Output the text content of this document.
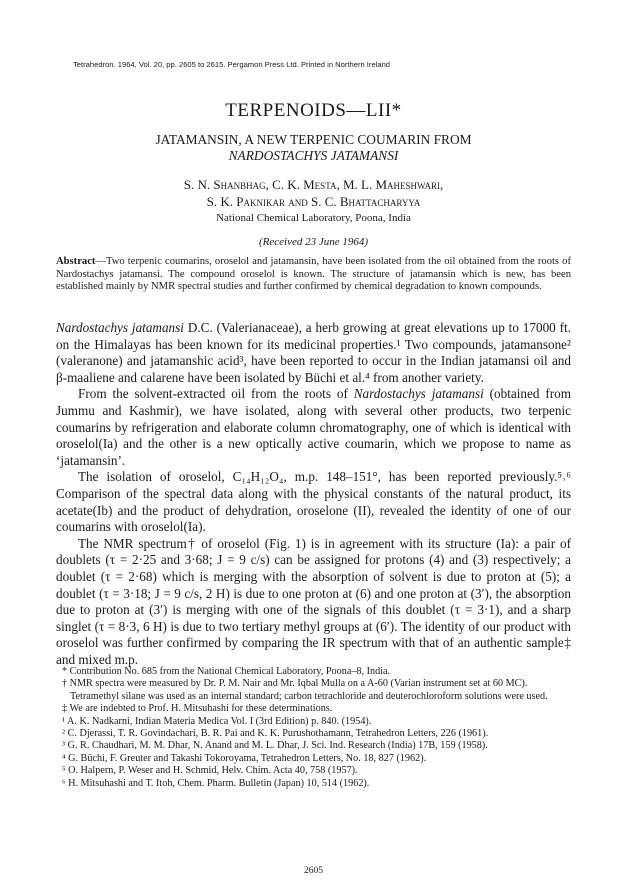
Tetrahedron. 1964, Vol. 20, pp. 2605 to 2615. Pergamon Press Ltd. Printed in Northern Ireland
TERPENOIDS—LII*
JATAMANSIN, A NEW TERPENIC COUMARIN FROM
NARDOSTACHYS JATAMANSI
S. N. Shanbhag, C. K. Mesta, M. L. Maheshwari,
S. K. Paknikar and S. C. Bhattacharyya
National Chemical Laboratory, Poona, India
(Received 23 June 1964)
Abstract—Two terpenic coumarins, oroselol and jatamansin, have been isolated from the oil obtained from the roots of Nardostachys jatamansi. The compound oroselol is known. The structure of jatamansin which is new, has been established mainly by NMR spectral studies and further confirmed by chemical degradation to known compounds.

Nardostachys jatamansi D.C. (Valerianaceae), a herb growing at great elevations up to 17000 ft. on the Himalayas has been known for its medicinal properties.¹ Two compounds, jatamansone² (valeranone) and jatamanshic acid³, have been reported to occur in the Indian jatamansi oil and β-maaliene and calarene have been isolated by Büchi et al.⁴ from another variety.

From the solvent-extracted oil from the roots of Nardostachys jatamansi (obtained from Jummu and Kashmir), we have isolated, along with several other products, two terpenic coumarins by refrigeration and elaborate column chromatography, one of which is identical with oroselol(Ia) and the other is a new optically active coumarin, which we propose to name as ‘jatamansin’.

The isolation of oroselol, C₁₄H₁₂O₄, m.p. 148–151°, has been reported previously.⁵˒⁶ Comparison of the spectral data along with the physical constants of the natural product, its acetate(Ib) and the product of dehydration, oroselone (II), revealed the identity of one of our coumarins with oroselol(Ia).

The NMR spectrum† of oroselol (Fig. 1) is in agreement with its structure (Ia): a pair of doublets (τ = 2·25 and 3·68; J = 9 c/s) can be assigned for protons (4) and (3) respectively; a doublet (τ = 2·68) which is merging with the absorption of solvent is due to proton at (5); a doublet (τ = 3·18; J = 9 c/s, 2 H) is due to one proton at (6) and one proton at (3′), the absorption due to proton at (3′) is merging with one of the signals of this doublet (τ = 3·1), and a sharp singlet (τ = 8·3, 6 H) is due to two tertiary methyl groups at (6′). The identity of our product with oroselol was further confirmed by comparing the IR spectrum with that of an authentic sample‡ and mixed m.p.

* Contribution No. 685 from the National Chemical Laboratory, Poona–8, India.
† NMR spectra were measured by Dr. P. M. Nair and Mr. Iqbal Mulla on a A-60 (Varian instrument set at 60 MC). Tetramethyl silane was used as an internal standard; carbon tetrachloride and deuterochloroform solutions were used.
‡ We are indebted to Prof. H. Mitsuhashi for these determinations.
¹ A. K. Nadkarni, Indian Materia Medica Vol. I (3rd Edition) p. 840. (1954).
² C. Djerassi, T. R. Govindachari, B. R. Pai and K. K. Purushothamann, Tetrahedron Letters, 226 (1961).
³ G. R. Chaudhari, M. M. Dhar, N. Anand and M. L. Dhar, J. Sci. Ind. Research (India) 17B, 159 (1958).
⁴ G. Büchi, F. Greuter and Takashi Tokoroyama, Tetrahedron Letters, No. 18, 827 (1962).
⁵ O. Halpern, P. Weser and H. Schmid, Helv. Chim. Acta 40, 758 (1957).
⁶ H. Mitsuhashi and T. Itoh, Chem. Pharm. Bulletin (Japan) 10, 514 (1962).
2605
